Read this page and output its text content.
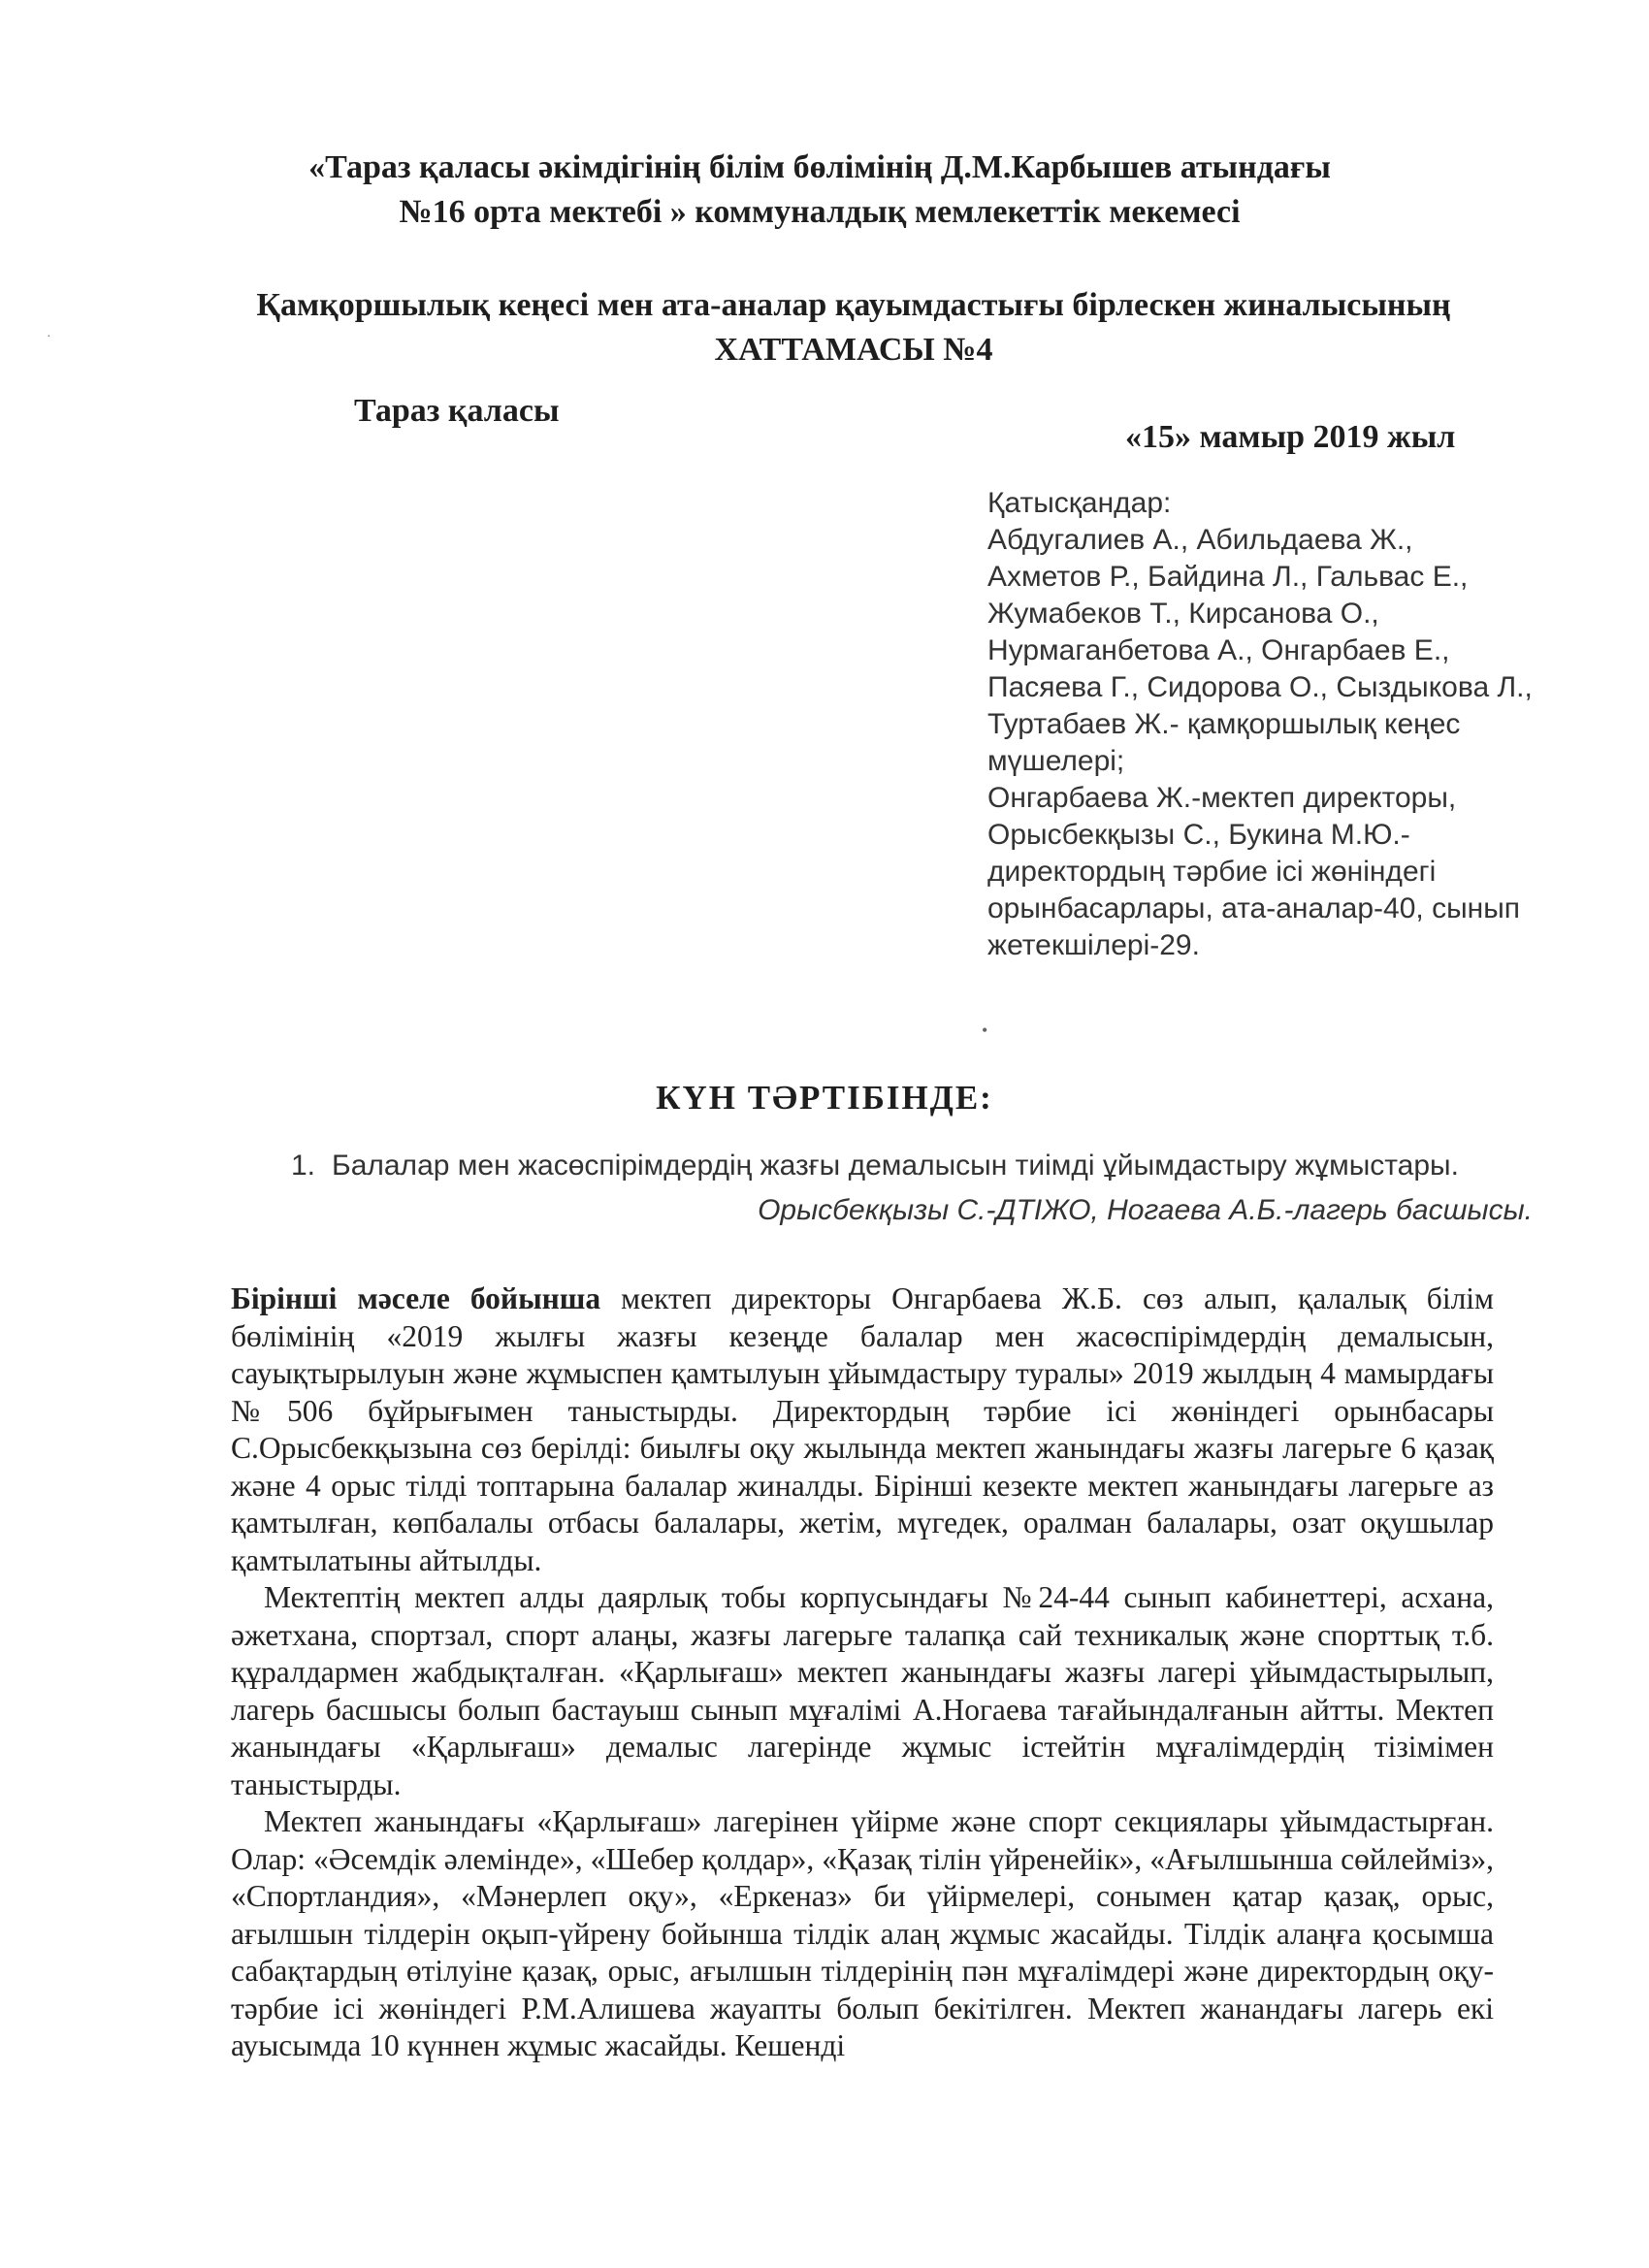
«Тараз қаласы әкімдігінің білім бөлімінің Д.М.Карбышев атындағы
№16 орта мектебі » коммуналдық мемлекеттік мекемесі
Қамқоршылық кеңесі мен ата-аналар қауымдастығы бірлескен жиналысының
ХАТТАМАСЫ №4
Тараз қаласы
«15» мамыр 2019 жыл
Қатысқандар:
Абдугалиев А., Абильдаева Ж.,
Ахметов Р., Байдина Л., Гальвас Е.,
Жумабеков Т., Кирсанова О.,
Нурмаганбетова А., Онгарбаев Е.,
Пасяева Г., Сидорова О., Сыздыкова Л.,
Туртабаев Ж.- қамқоршылық кеңес
мүшелері;
Онгарбаева Ж.-мектеп директоры,
Орысбекқызы С., Букина М.Ю.-
директордың тәрбие ісі жөніндегі
орынбасарлары, ата-аналар-40, сынып
жетекшілері-29.
·
•
КҮН ТӘРТІБІНДЕ:
1. Балалар мен жасөспірімдердің жазғы демалысын тиімді ұйымдастыру жұмыстары.
Орысбекқызы С.-ДТІЖО, Ногаева А.Б.-лагерь басшысы.

Бірінші мәселе бойынша мектеп директоры Онгарбаева Ж.Б. сөз алып, қалалық білім бөлімінің «2019 жылғы жазғы кезеңде балалар мен жасөспірімдердің демалысын, сауықтырылуын және жұмыспен қамтылуын ұйымдастыру туралы» 2019 жылдың 4 мамырдағы №506 бұйрығымен таныстырды. Директордың тәрбие ісі жөніндегі орынбасары С.Орысбекқызына сөз берілді: биылғы оқу жылында мектеп жанындағы жазғы лагерьге 6 қазақ және 4 орыс тілді топтарына балалар жиналды. Бірінші кезекте мектеп жанындағы лагерьге аз қамтылған, көпбалалы отбасы балалары, жетім, мүгедек, оралман балалары, озат оқушылар қамтылатыны айтылды.

Мектептің мектеп алды даярлық тобы корпусындағы №24-44 сынып кабинеттері, асхана, әжетхана, спортзал, спорт алаңы, жазғы лагерьге талапқа сай техникалық және спорттық т.б. құралдармен жабдықталған. «Қарлығаш» мектеп жанындағы жазғы лагері ұйымдастырылып, лагерь басшысы болып бастауыш сынып мұғалімі А.Ногаева тағайындалғанын айтты. Мектеп жанындағы «Қарлығаш» демалыс лагерінде жұмыс істейтін мұғалімдердің тізімімен таныстырды.

Мектеп жанындағы «Қарлығаш» лагерінен үйірме және спорт секциялары ұйымдастырған. Олар: «Әсемдік әлемінде», «Шебер қолдар», «Қазақ тілін үйренейік», «Ағылшынша сөйлейміз», «Спортландия», «Мәнерлеп оқу», «Еркеназ» би үйірмелері, сонымен қатар қазақ, орыс, ағылшын тілдерін оқып-үйрену бойынша тілдік алаң жұмыс жасайды. Тілдік алаңға қосымша сабақтардың өтілуіне қазақ, орыс, ағылшын тілдерінің пән мұғалімдері және директордың оқу-тәрбие ісі жөніндегі Р.М.Алишева жауапты болып бекітілген. Мектеп жанандағы лагерь екі ауысымда 10 күннен жұмыс жасайды. Кешенді
